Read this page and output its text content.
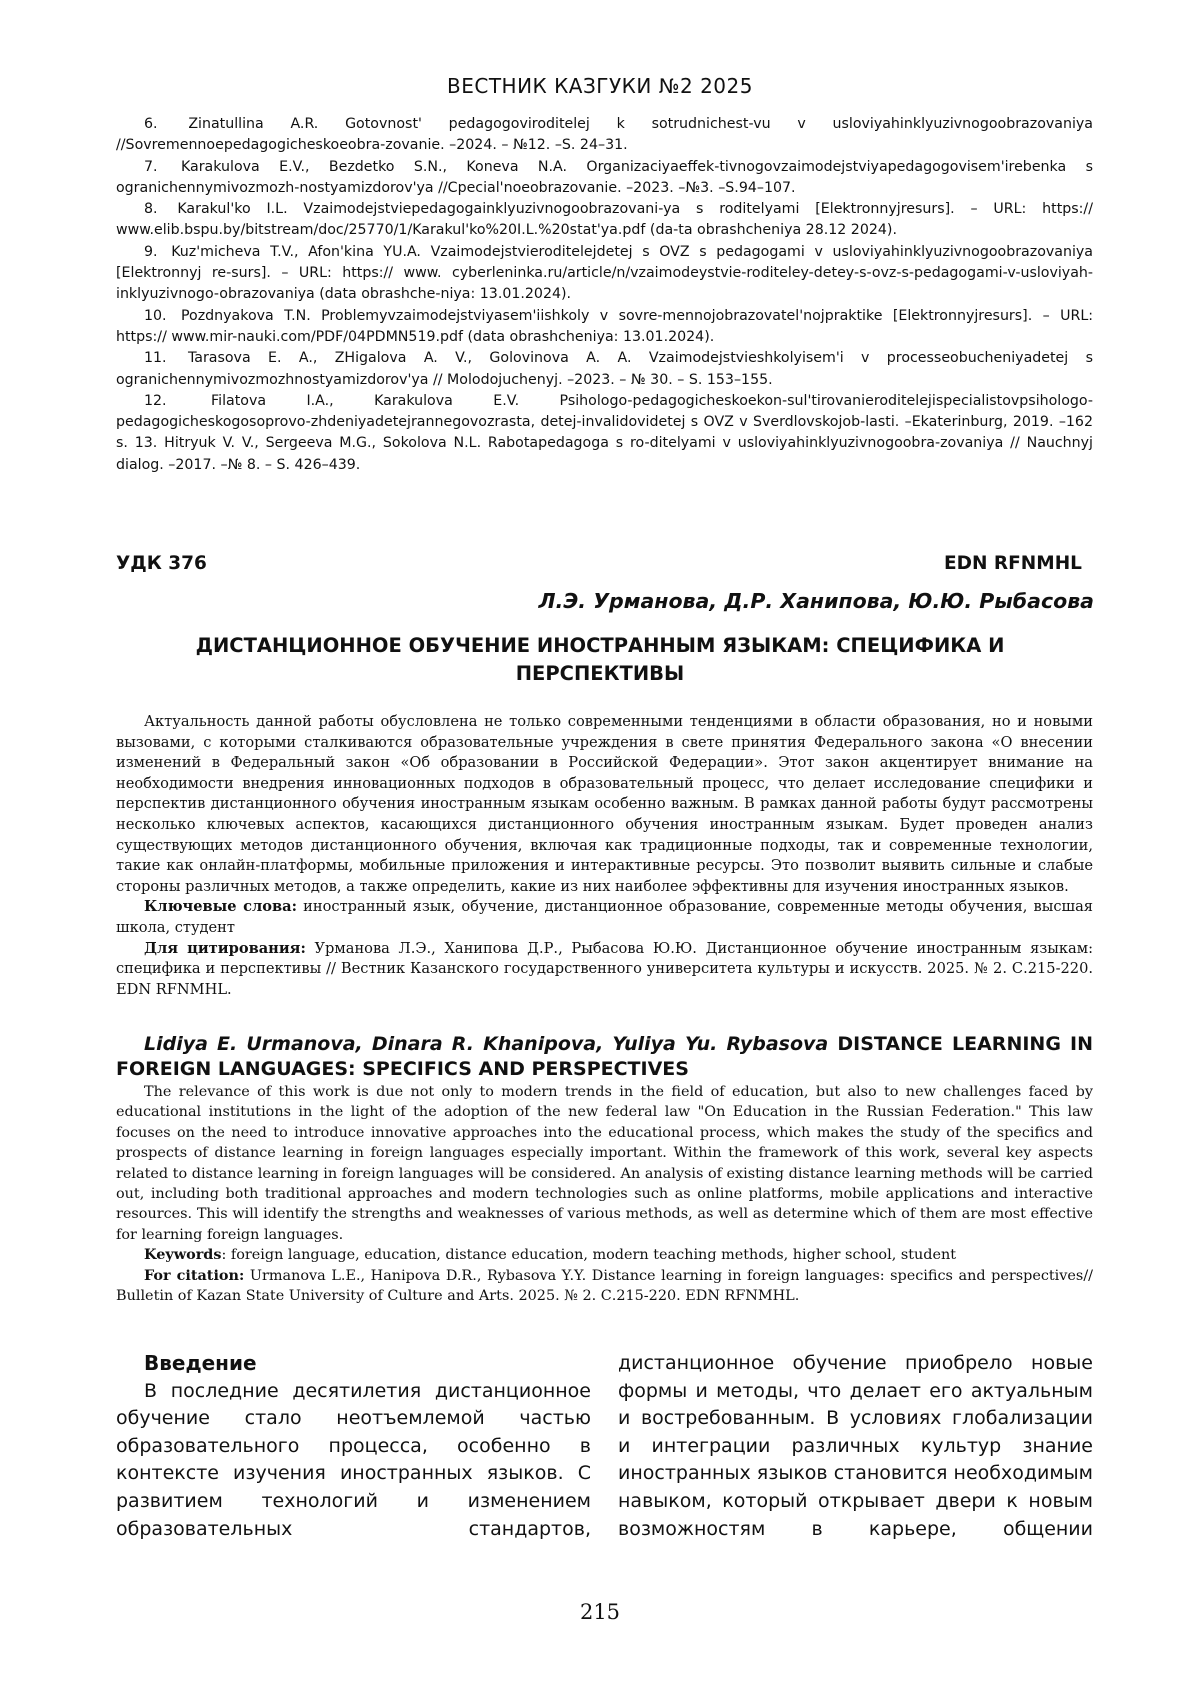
ВЕСТНИК КАЗГУКИ №2 2025

6. Zinatullina A.R. Gotovnost' pedagogoviroditelej k sotrudnichest-vu v usloviyahinklyuzivnogoobrazovaniya //Sovremennoepedagogicheskoeobra-zovanie. –2024. – №12. –S. 24–31.

7. Karakulova E.V., Bezdetko S.N., Koneva N.A. Organizaciyaeffek-tivnogovzaimodejstviyapedagogovisem'irebenka s ogranichennymivozmozh-nostyamizdorov'ya //Cpecial'noeobrazovanie. –2023. –№3. –S.94–107.

8. Karakul'ko I.L. Vzaimodejstviepedagogainklyuzivnogoobrazovani-ya s roditelyami [Elektronnyjresurs]. – URL: https:// www.elib.bspu.by/bitstream/doc/25770/1/Karakul'ko%20I.L.%20stat'ya.pdf (da-ta obrashcheniya 28.12 2024).

9. Kuz'micheva T.V., Afon'kina YU.A. Vzaimodejstvieroditelejdetej s OVZ s pedagogami v usloviyahinklyuzivnogoobrazovaniya [Elektronnyj re-surs]. – URL: https:// www. cyberleninka.ru/article/n/vzaimodeystvie-roditeley-detey-s-ovz-s-pedagogami-v-usloviyah-inklyuzivnogo-obrazovaniya (data obrashche-niya: 13.01.2024).

10. Pozdnyakova T.N. Problemyvzaimodejstviyasem'iishkoly v sovre-mennojobrazovatel'nojpraktike [Elektronnyjresurs]. – URL: https:// www.mir-nauki.com/PDF/04PDMN519.pdf (data obrashcheniya: 13.01.2024).

11. Tarasova E. A., ZHigalova A. V., Golovinova A. A. Vzaimodejstvieshkolyisem'i v processeobucheniyadetej s ogranichennymivozmozhnostyamizdorov'ya // Molodojuchenyj. –2023. – № 30. – S. 153–155.

12.	Filatova I.A., Karakulova E.V. Psihologo-pedagogicheskoekon-sul'tirovanieroditelejispecialistovpsihologo-pedagogicheskogosoprovo-zhdeniyadetejrannegovozrasta, detej-invalidovidetej s OVZ v Sverdlovskojob-lasti. –Ekaterinburg, 2019. –162 s. 13. Hitryuk V. V., Sergeeva M.G., Sokolova N.L. Rabotapedagoga s ro-ditelyami v usloviyahinklyuzivnogoobra-zovaniya // Nauchnyj dialog. –2017. –№ 8. – S. 426–439.

УДК 376	EDN RFNMHL
Л.Э. Урманова, Д.Р. Ханипова, Ю.Ю. Рыбасова
ДИСТАНЦИОННОЕ ОБУЧЕНИЕ ИНОСТРАННЫМ ЯЗЫКАМ: СПЕЦИФИКА И ПЕРСПЕКТИВЫ

Актуальность данной работы обусловлена не только современными тенденциями в области образования, но и новыми вызовами, с которыми сталкиваются образовательные учреждения в свете принятия Федерального закона «О внесении изменений в Федеральный закон «Об образовании в Российской Федерации». Этот закон акцентирует внимание на необходимости внедрения инновационных подходов в образовательный процесс, что делает исследование специфики и перспектив дистанционного обучения иностранным языкам особенно важным. В рамках данной работы будут рассмотрены несколько ключевых аспектов, касающихся дистанционного обучения иностранным языкам. Будет проведен анализ существующих методов дистанционного обучения, включая как традиционные подходы, так и современные технологии, такие как онлайн-платформы, мобильные приложения и интерактивные ресурсы. Это позволит выявить сильные и слабые стороны различных методов, а также определить, какие из них наиболее эффективны для изучения иностранных языков.

Ключевые слова: иностранный язык, обучение, дистанционное образование, современные методы обучения, высшая школа, студент

Для цитирования: Урманова Л.Э., Ханипова Д.Р., Рыбасова Ю.Ю. Дистанционное обучение иностранным языкам: специфика и перспективы // Вестник Казанского государственного университета культуры и искусств. 2025. № 2. С.215-220. EDN RFNMHL.

Lidiya E. Urmanova, Dinara R. Khanipova, Yuliya Yu. Rybasova DISTANCE LEARNING IN FOREIGN LANGUAGES: SPECIFICS AND PERSPECTIVES

The relevance of this work is due not only to modern trends in the field of education, but also to new challenges faced by educational institutions in the light of the adoption of the new federal law "On Education in the Russian Federation." This law focuses on the need to introduce innovative approaches into the educational process, which makes the study of the specifics and prospects of distance learning in foreign languages especially important. Within the framework of this work, several key aspects related to distance learning in foreign languages will be considered. An analysis of existing distance learning methods will be carried out, including both traditional approaches and modern technologies such as online platforms, mobile applications and interactive resources. This will identify the strengths and weaknesses of various methods, as well as determine which of them are most effective for learning foreign languages.

Keywords: foreign language, education, distance education, modern teaching methods, higher school, student

For citation: Urmanova L.E., Hanipova D.R., Rybasova Y.Y. Distance learning in foreign languages: specifics and perspectives// Bulletin of Kazan State University of Culture and Arts. 2025. № 2. С.215-220. EDN RFNMHL.

Введение

В последние десятилетия дистанционное обучение стало неотъемлемой частью образовательного процесса, особенно в контексте изучения иностранных языков. С развитием технологий и изменением образовательных стандартов,

дистанционное обучение приобрело новые формы и методы, что делает его актуальным и востребованным. В условиях глобализации и интеграции различных культур знание иностранных языков становится необходимым навыком, который открывает двери к новым возможностям в карьере, общении

215
